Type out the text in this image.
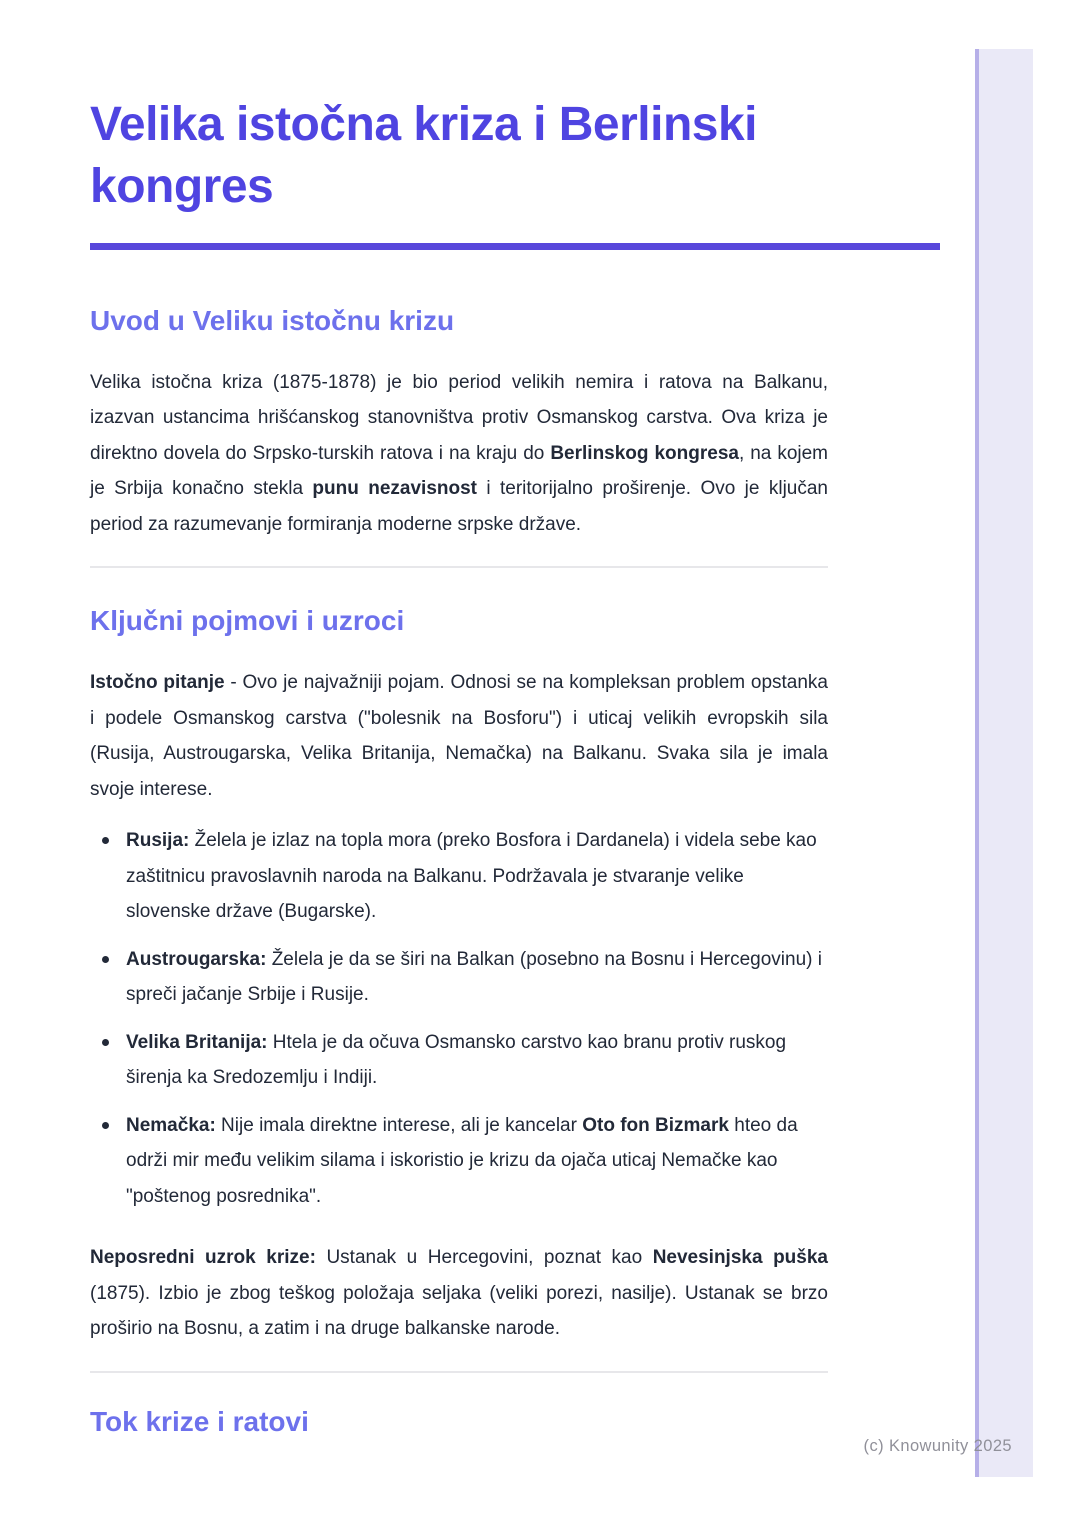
Velika istočna kriza i Berlinski kongres
Uvod u Veliku istočnu krizu

Velika istočna kriza (1875-1878) je bio period velikih nemira i ratova na Balkanu, izazvan ustancima hrišćanskog stanovništva protiv Osmanskog carstva. Ova kriza je direktno dovela do Srpsko-turskih ratova i na kraju do Berlinskog kongresa, na kojem je Srbija konačno stekla punu nezavisnost i teritorijalno proširenje. Ovo je ključan period za razumevanje formiranja moderne srpske države.

Ključni pojmovi i uzroci

Istočno pitanje - Ovo je najvažniji pojam. Odnosi se na kompleksan problem opstanka i podele Osmanskog carstva ("bolesnik na Bosforu") i uticaj velikih evropskih sila (Rusija, Austrougarska, Velika Britanija, Nemačka) na Balkanu. Svaka sila je imala svoje interese.

Rusija: Želela je izlaz na topla mora (preko Bosfora i Dardanela) i videla sebe kao zaštitnicu pravoslavnih naroda na Balkanu. Podržavala je stvaranje velike slovenske države (Bugarske).
Austrougarska: Želela je da se širi na Balkan (posebno na Bosnu i Hercegovinu) i spreči jačanje Srbije i Rusije.
Velika Britanija: Htela je da očuva Osmansko carstvo kao branu protiv ruskog širenja ka Sredozemlju i Indiji.
Nemačka: Nije imala direktne interese, ali je kancelar Oto fon Bizmark hteo da održi mir među velikim silama i iskoristio je krizu da ojača uticaj Nemačke kao "poštenog posrednika".

Neposredni uzrok krize: Ustanak u Hercegovini, poznat kao Nevesinjska puška (1875). Izbio je zbog teškog položaja seljaka (veliki porezi, nasilje). Ustanak se brzo proširio na Bosnu, a zatim i na druge balkanske narode.

Tok krize i ratovi
(c) Knowunity 2025
